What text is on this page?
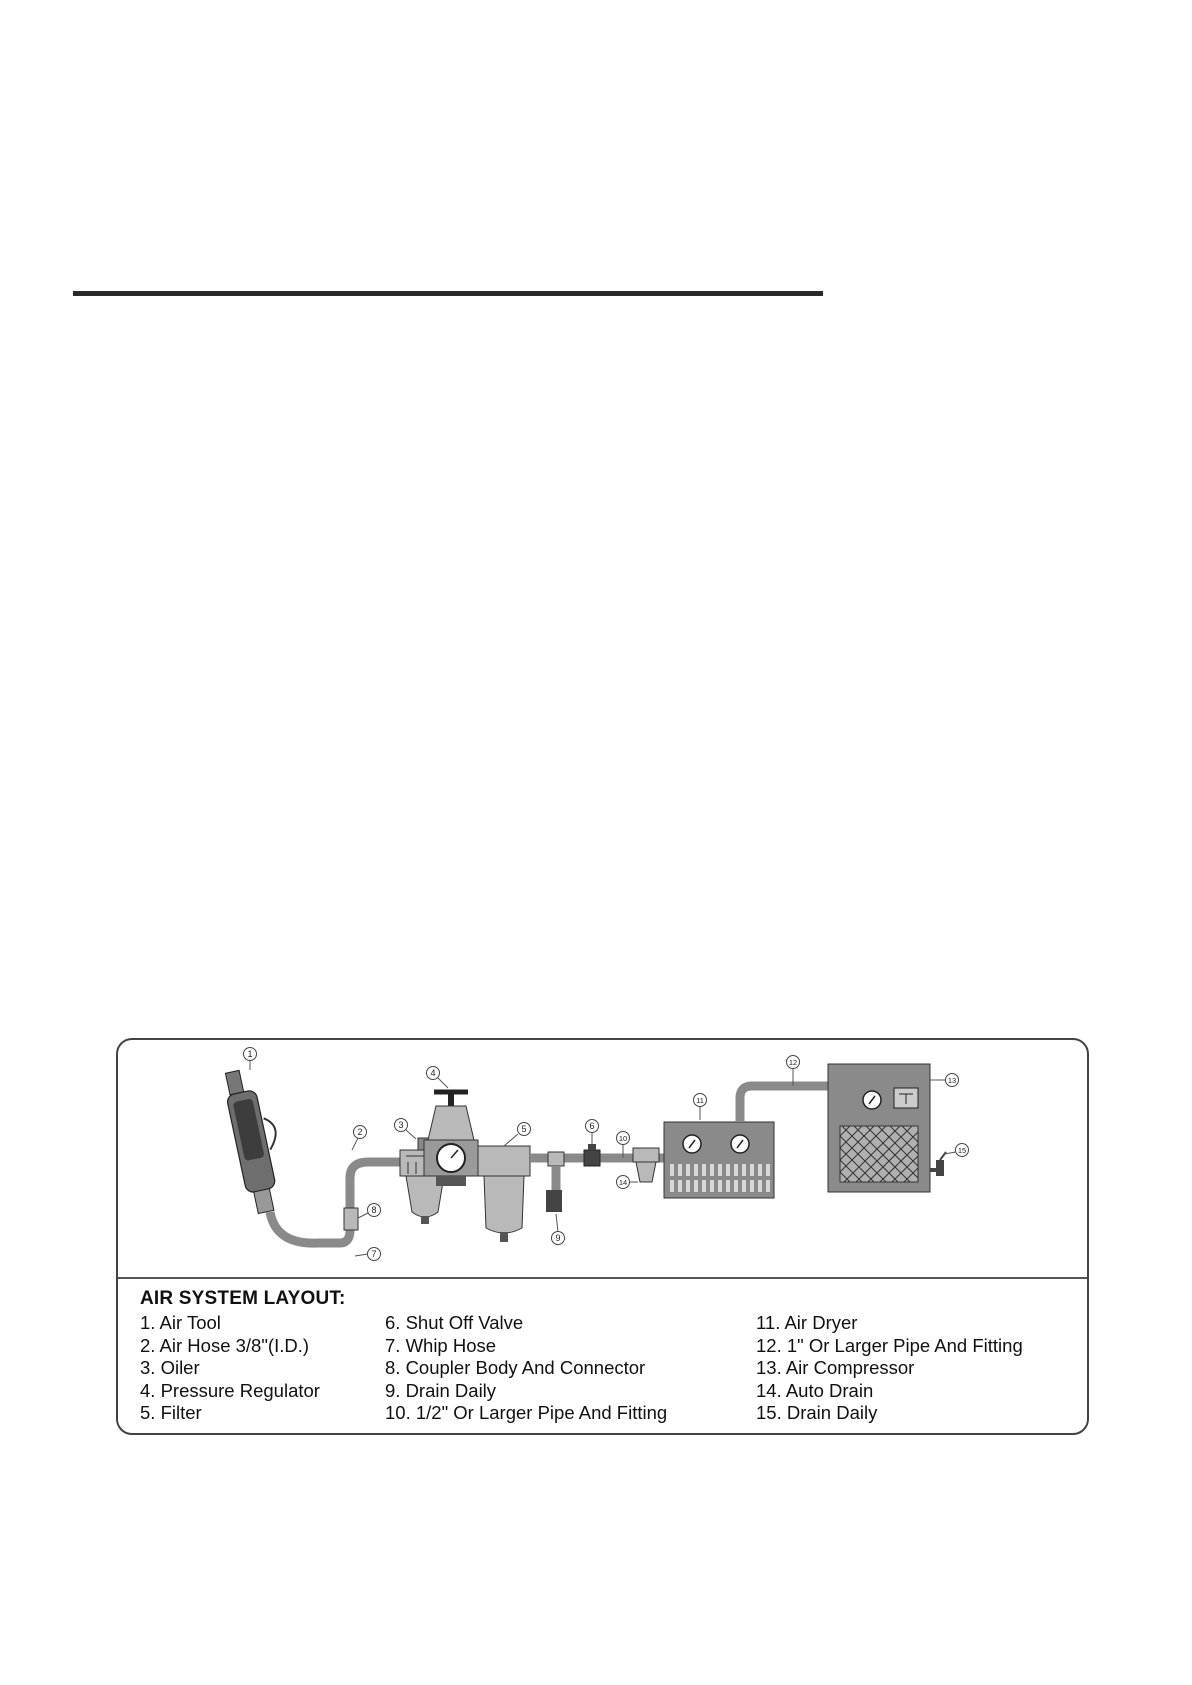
1
2
3
4
5	6
7
8
9
10
11
12
13
14
15
AIR SYSTEM LAYOUT:
1. Air Tool
2. Air Hose 3/8"(I.D.)
3. Oiler
4. Pressure Regulator
5. Filter
6. Shut Off Valve
7. Whip Hose
8. Coupler Body And Connector
9. Drain Daily
10. 1/2" Or Larger Pipe And Fitting
11. Air Dryer
12. 1" Or Larger Pipe And Fitting
13. Air Compressor
14. Auto Drain
15. Drain Daily
